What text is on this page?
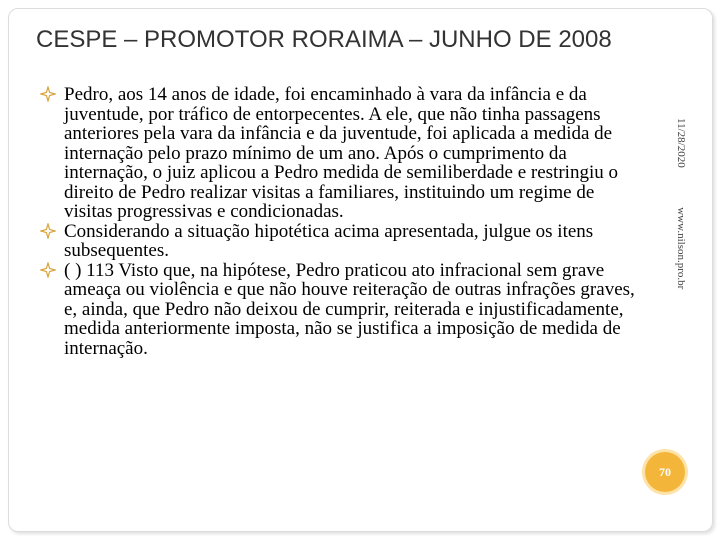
CESPE – PROMOTOR RORAIMA – JUNHO DE 2008
Pedro, aos 14 anos de idade, foi encaminhado à vara da infância e da juventude, por tráfico de entorpecentes. A ele, que não tinha passagens anteriores pela vara da infância e da juventude, foi aplicada a medida de internação pelo prazo mínimo de um ano. Após o cumprimento da internação, o juiz aplicou a Pedro medida de semiliberdade e restringiu o direito de Pedro realizar visitas a familiares, instituindo um regime de visitas progressivas e condicionadas.
Considerando a situação hipotética acima apresentada, julgue os itens subsequentes.
( ) 113 Visto que, na hipótese, Pedro praticou ato infracional sem grave ameaça ou violência e que não houve reiteração de outras infrações graves, e, ainda, que Pedro não deixou de cumprir, reiterada e injustificadamente, medida anteriormente imposta, não se justifica a imposição de medida de internação.
11/28/2020  www.nilson.pro.br
70
